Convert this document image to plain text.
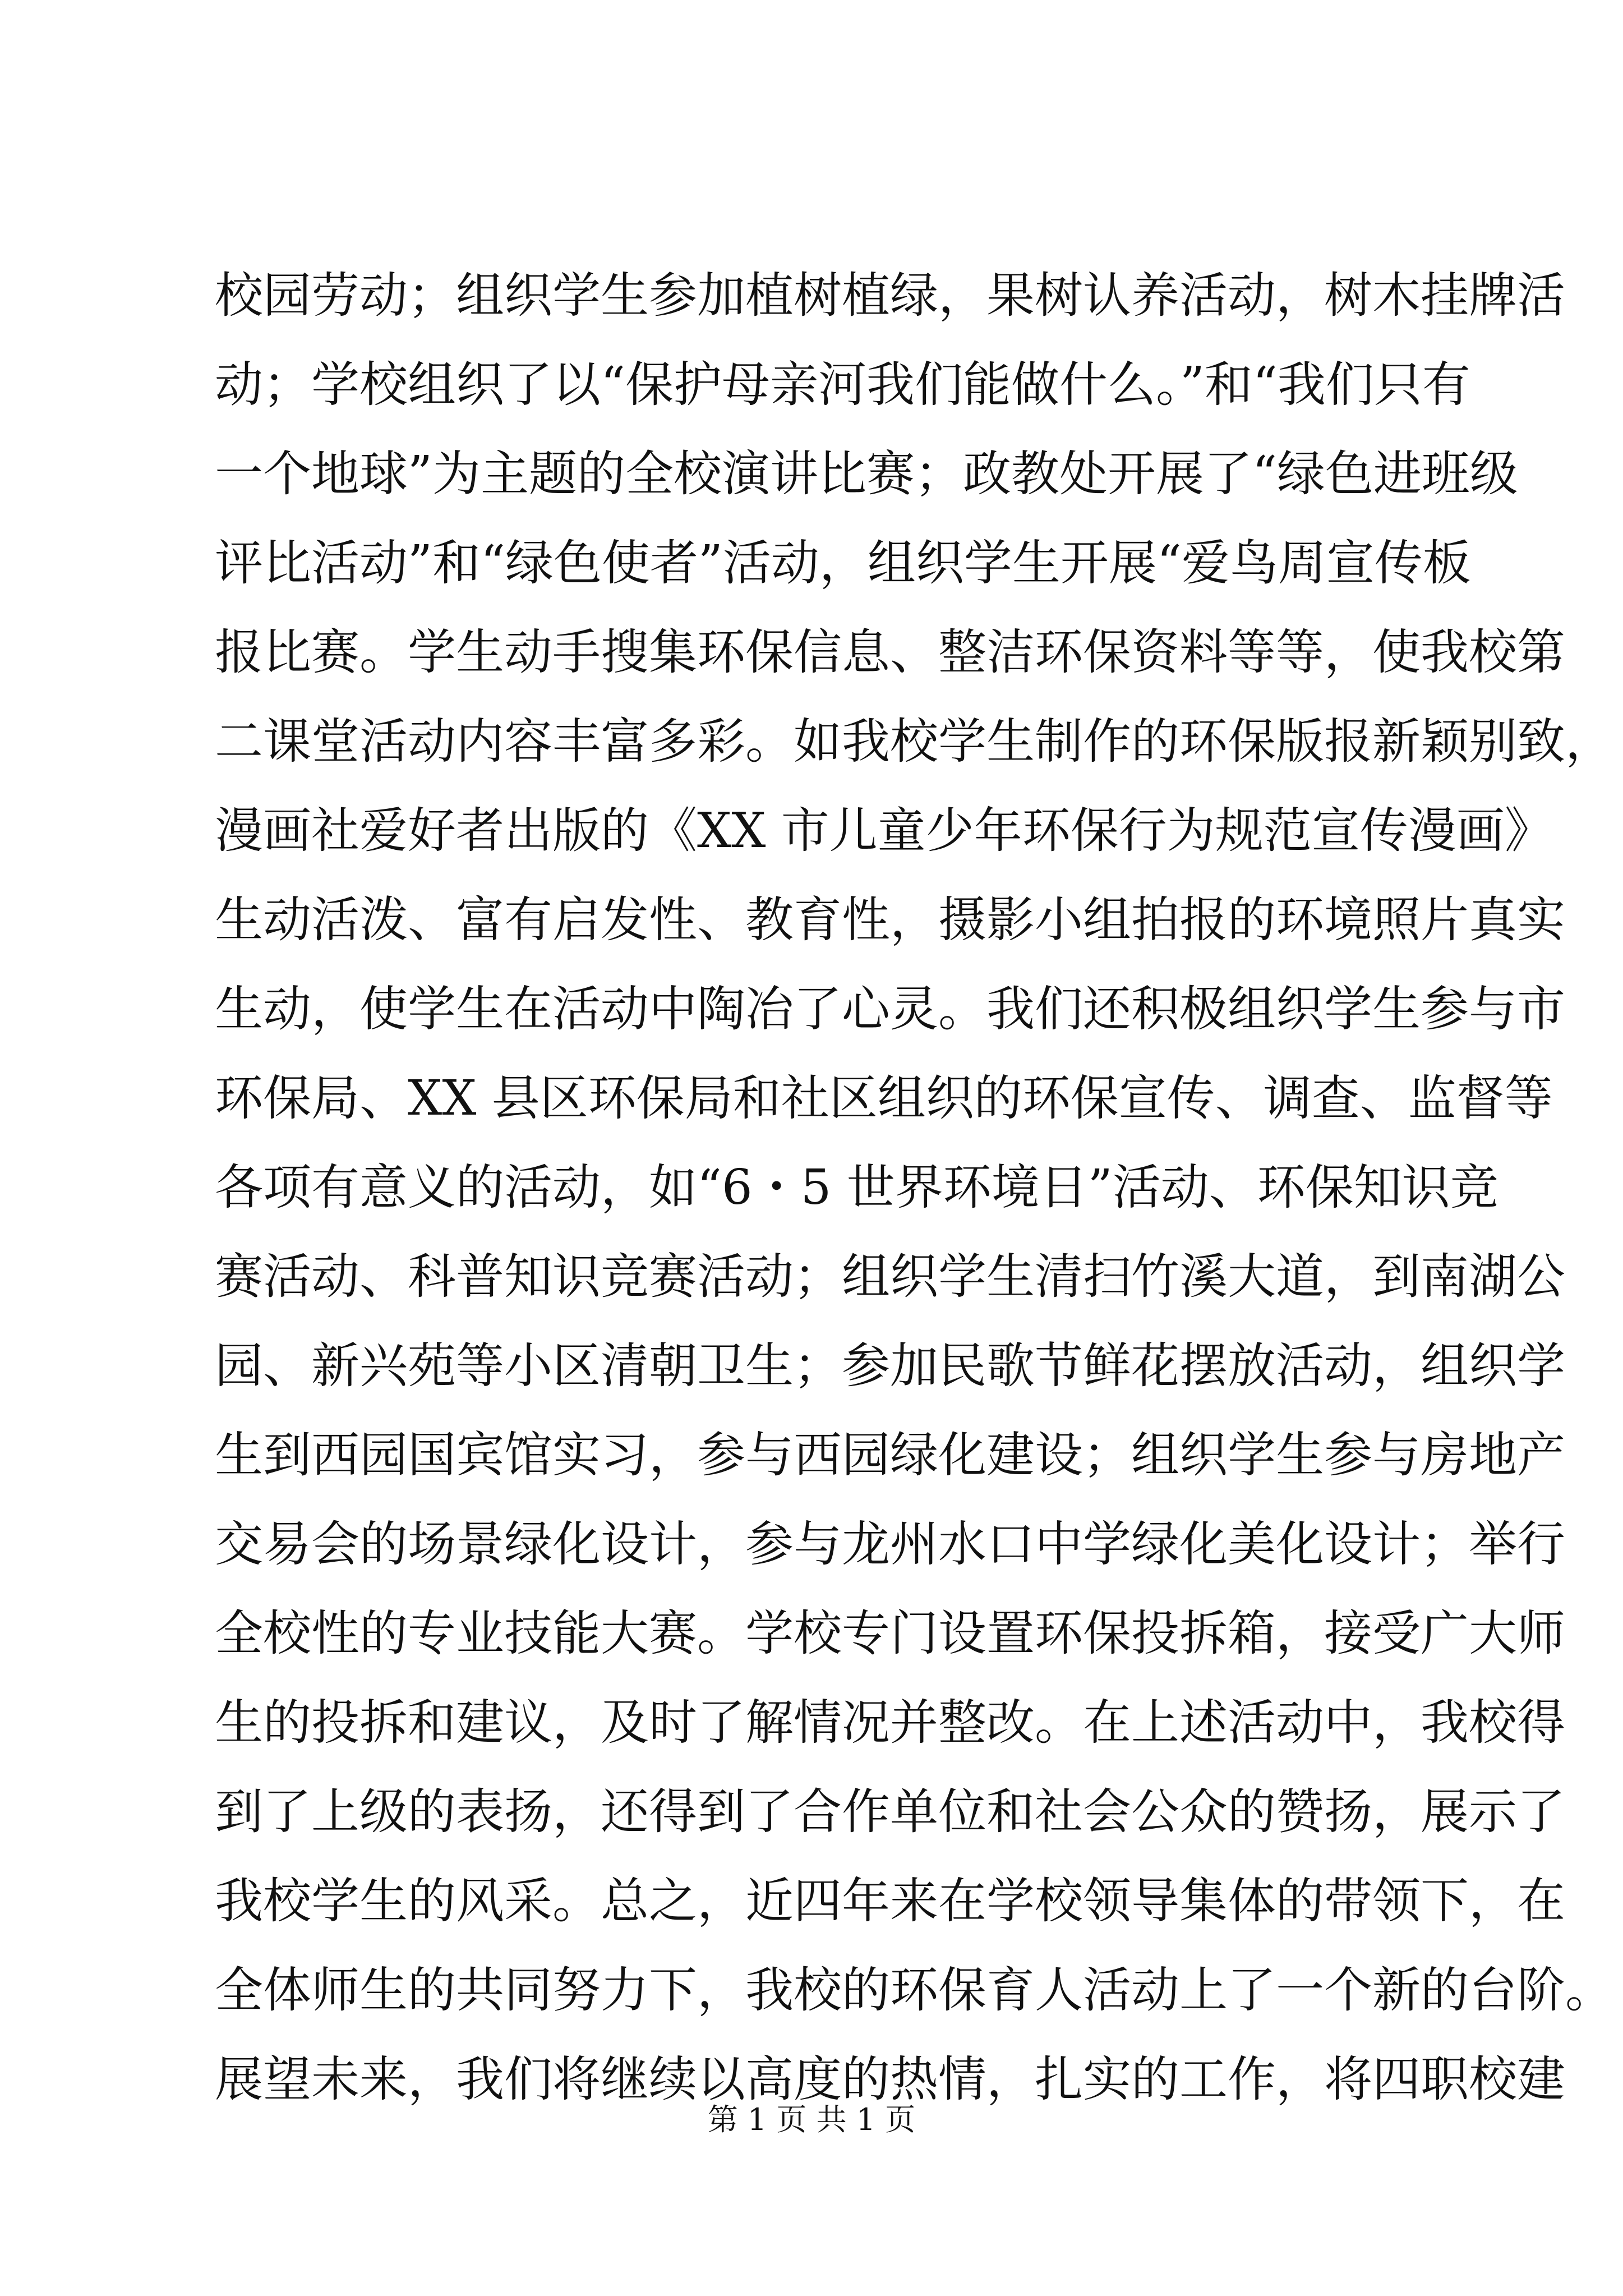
校园劳动；组织学生参加植树植绿，果树认养活动，树木挂牌活
动；学校组织了以“保护母亲河我们能做什么。”和“我们只有
一个地球”为主题的全校演讲比赛；政教处开展了“绿色进班级
评比活动”和“绿色使者”活动，组织学生开展“爱鸟周宣传板
报比赛。学生动手搜集环保信息、整洁环保资料等等，使我校第
二课堂活动内容丰富多彩。如我校学生制作的环保版报新颖别致，
漫画社爱好者出版的《XX 市儿童少年环保行为规范宣传漫画》
生动活泼、富有启发性、教育性，摄影小组拍报的环境照片真实
生动，使学生在活动中陶冶了心灵。我们还积极组织学生参与市
环保局、XX 县区环保局和社区组织的环保宣传、调查、监督等
各项有意义的活动，如“6・5 世界环境日”活动、环保知识竞
赛活动、科普知识竞赛活动；组织学生清扫竹溪大道，到南湖公
园、新兴苑等小区清朝卫生；参加民歌节鲜花摆放活动，组织学
生到西园国宾馆实习，参与西园绿化建设；组织学生参与房地产
交易会的场景绿化设计，参与龙州水口中学绿化美化设计；举行
全校性的专业技能大赛。学校专门设置环保投拆箱，接受广大师
生的投拆和建议，及时了解情况并整改。在上述活动中，我校得
到了上级的表扬，还得到了合作单位和社会公众的赞扬，展示了
我校学生的风采。总之，近四年来在学校领导集体的带领下，在
全体师生的共同努力下，我校的环保育人活动上了一个新的台阶。
展望未来，我们将继续以高度的热情，扎实的工作，将四职校建
第 1 页 共 1 页
